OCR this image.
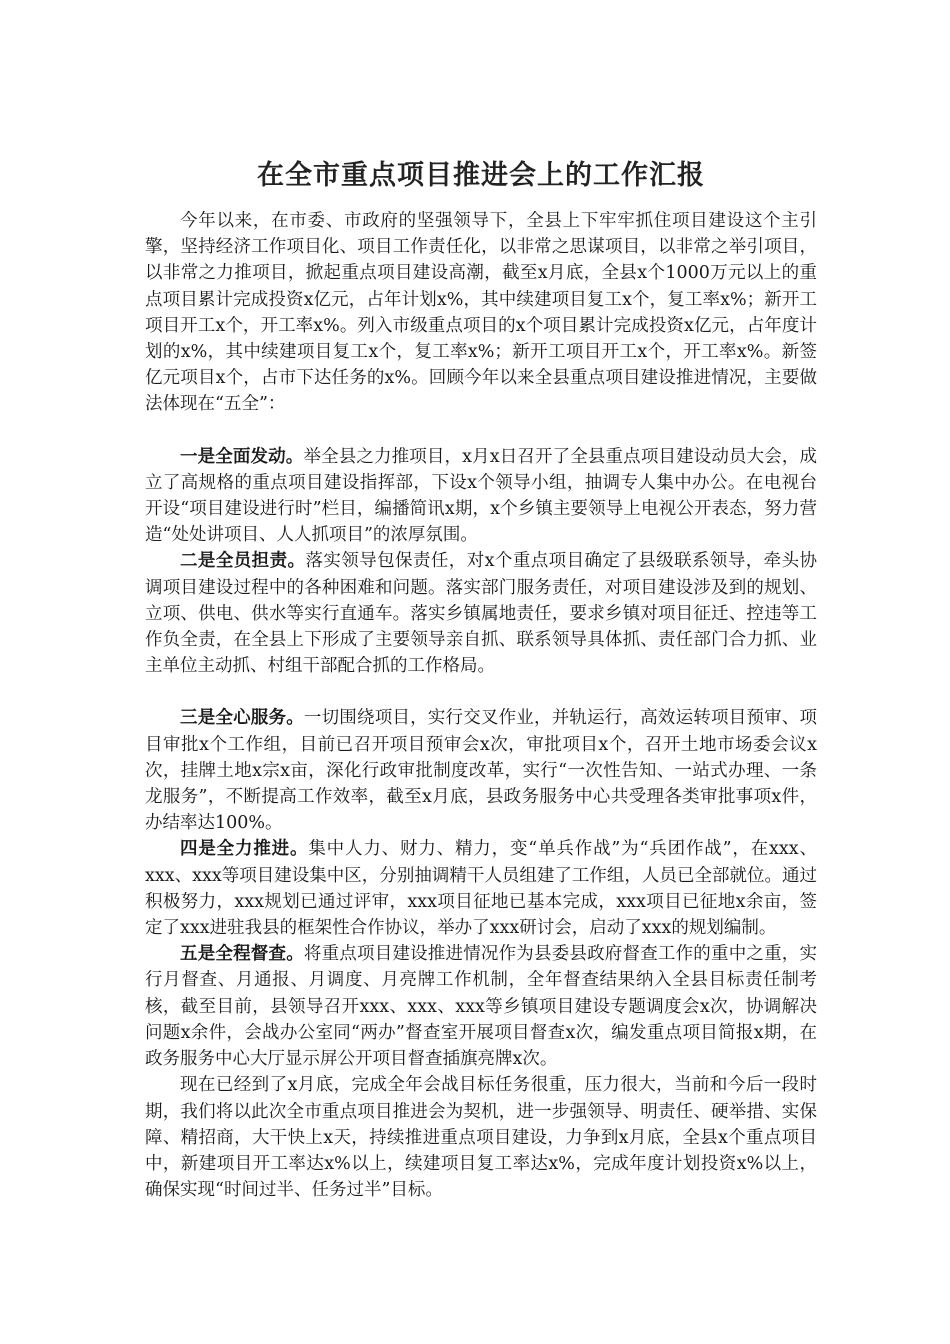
在全市重点项目推进会上的工作汇报

今年以来，在市委、市政府的坚强领导下，全县上下牢牢抓住项目建设这个主引擎，坚持经济工作项目化、项目工作责任化，以非常之思谋项目，以非常之举引项目，以非常之力推项目，掀起重点项目建设高潮，截至x月底，全县x个1000万元以上的重点项目累计完成投资x亿元，占年计划x%，其中续建项目复工x个，复工率x%；新开工项目开工x个，开工率x%。列入市级重点项目的x个项目累计完成投资x亿元，占年度计划的x%，其中续建项目复工x个，复工率x%；新开工项目开工x个，开工率x%。新签亿元项目x个，占市下达任务的x%。回顾今年以来全县重点项目建设推进情况，主要做法体现在“五全”：

一是全面发动。举全县之力推项目，x月x日召开了全县重点项目建设动员大会，成立了高规格的重点项目建设指挥部，下设x个领导小组，抽调专人集中办公。在电视台开设“项目建设进行时”栏目，编播简讯x期，x个乡镇主要领导上电视公开表态，努力营造“处处讲项目、人人抓项目”的浓厚氛围。

二是全员担责。落实领导包保责任，对x个重点项目确定了县级联系领导，牵头协调项目建设过程中的各种困难和问题。落实部门服务责任，对项目建设涉及到的规划、立项、供电、供水等实行直通车。落实乡镇属地责任，要求乡镇对项目征迁、控违等工作负全责，在全县上下形成了主要领导亲自抓、联系领导具体抓、责任部门合力抓、业主单位主动抓、村组干部配合抓的工作格局。

三是全心服务。一切围绕项目，实行交叉作业，并轨运行，高效运转项目预审、项目审批x个工作组，目前已召开项目预审会x次，审批项目x个，召开土地市场委会议x次，挂牌土地x宗x亩，深化行政审批制度改革，实行“一次性告知、一站式办理、一条龙服务”，不断提高工作效率，截至x月底，县政务服务中心共受理各类审批事项x件，办结率达100%。

四是全力推进。集中人力、财力、精力，变“单兵作战”为“兵团作战”，在xxx、xxx、xxx等项目建设集中区，分别抽调精干人员组建了工作组，人员已全部就位。通过积极努力，xxx规划已通过评审，xxx项目征地已基本完成，xxx项目已征地x余亩，签定了xxx进驻我县的框架性合作协议，举办了xxx研讨会，启动了xxx的规划编制。

五是全程督查。将重点项目建设推进情况作为县委县政府督查工作的重中之重，实行月督查、月通报、月调度、月亮牌工作机制，全年督查结果纳入全县目标责任制考核，截至目前，县领导召开xxx、xxx、xxx等乡镇项目建设专题调度会x次，协调解决问题x余件，会战办公室同“两办”督查室开展项目督查x次，编发重点项目简报x期，在政务服务中心大厅显示屏公开项目督查插旗亮牌x次。

现在已经到了x月底，完成全年会战目标任务很重，压力很大，当前和今后一段时期，我们将以此次全市重点项目推进会为契机，进一步强领导、明责任、硬举措、实保障、精招商，大干快上x天，持续推进重点项目建设，力争到x月底，全县x个重点项目中，新建项目开工率达x%以上，续建项目复工率达x%，完成年度计划投资x%以上，确保实现“时间过半、任务过半”目标。
